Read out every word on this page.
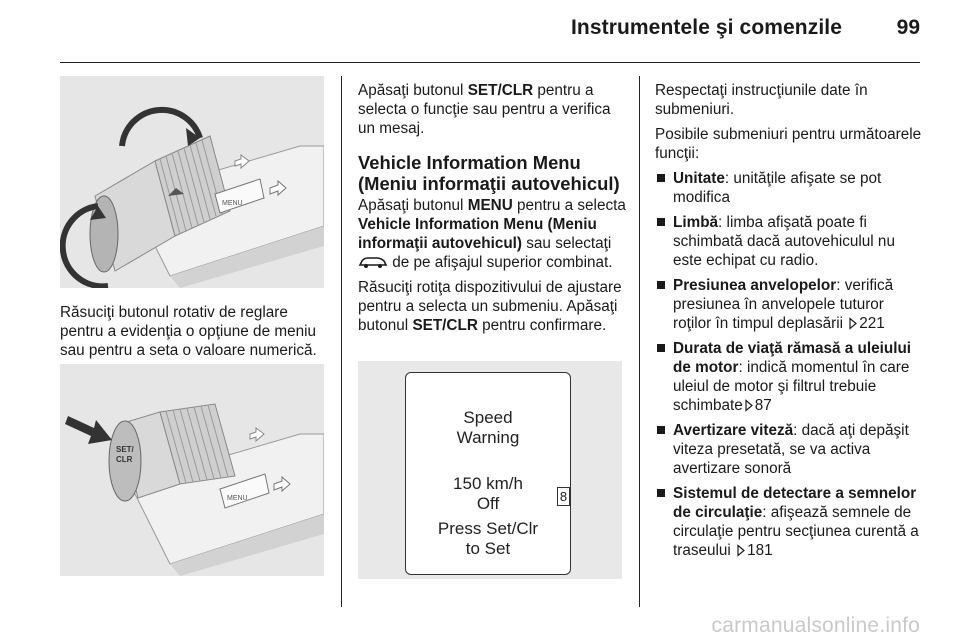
Instrumentele şi comenzile	99
MENU

Răsuciţi butonul rotativ de reglare pentru a evidenţia o opţiune de meniu sau pentru a seta o valoare numerică.

SET/
CLR
MENU

Apăsaţi butonul SET/CLR pentru a selecta o funcţie sau pentru a verifica un mesaj.

Vehicle Information Menu (Meniu informaţii autovehicul)

Apăsaţi butonul MENU pentru a selecta Vehicle Information Menu (Meniu informaţii autovehicul) sau selectaţi  de pe afişajul superior combinat.

Răsuciţi rotiţa dispozitivului de ajustare pentru a selecta un submeniu. Apăsaţi butonul SET/CLR pentru confirmare.

Speed
Warning
150 km/h
Off
Press Set/Clr
to Set
8

Respectaţi instrucţiunile date în submeniuri.

Posibile submeniuri pentru următoarele funcţii:

Unitate: unităţile afişate se pot modifica
Limbă: limba afişată poate fi schimbată dacă autovehiculul nu este echipat cu radio.
Presiunea anvelopelor: verifică presiunea în anvelopele tuturor roţilor în timpul deplasării 221
Durata de viaţă rămasă a uleiului de motor: indică momentul în care uleiul de motor şi filtrul trebuie schimbate 87
Avertizare viteză: dacă aţi depăşit viteza presetată, se va activa avertizare sonoră
Sistemul de detectare a semnelor de circulaţie: afişează semnele de circulaţie pentru secţiunea curentă a traseului 181
carmanualsonline.info
